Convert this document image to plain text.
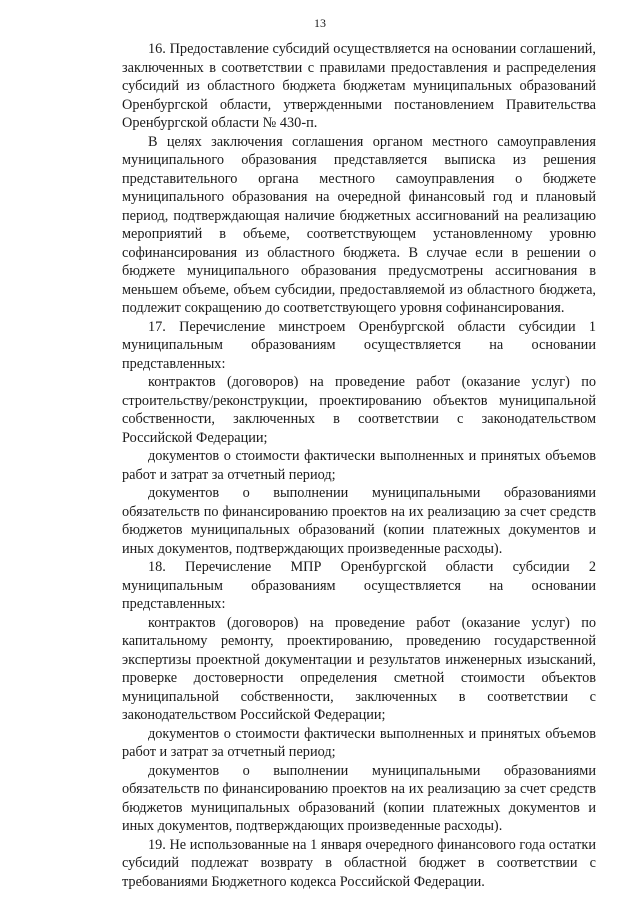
13

16. Предоставление субсидий осуществляется на основании соглашений, заключенных в соответствии с правилами предоставления и распределения субсидий из областного бюджета бюджетам муниципальных образований Оренбургской области, утвержденными постановлением Правительства Оренбургской области № 430-п.

В целях заключения соглашения органом местного самоуправления муниципального образования представляется выписка из решения представительного органа местного самоуправления о бюджете муниципального образования на очередной финансовый год и плановый период, подтверждающая наличие бюджетных ассигнований на реализацию мероприятий в объеме, соответствующем установленному уровню софинансирования из областного бюджета. В случае если в решении о бюджете муниципального образования предусмотрены ассигнования в меньшем объеме, объем субсидии, предоставляемой из областного бюджета, подлежит сокращению до соответствующего уровня софинансирования.

17. Перечисление минстроем Оренбургской области субсидии 1 муниципальным образованиям осуществляется на основании представленных:

контрактов (договоров) на проведение работ (оказание услуг) по строительству/реконструкции, проектированию объектов муниципальной собственности, заключенных в соответствии с законодательством Российской Федерации;

документов о стоимости фактически выполненных и принятых объемов работ и затрат за отчетный период;

документов о выполнении муниципальными образованиями обязательств по финансированию проектов на их реализацию за счет средств бюджетов муниципальных образований (копии платежных документов и иных документов, подтверждающих произведенные расходы).

18. Перечисление МПР Оренбургской области субсидии 2 муниципальным образованиям осуществляется на основании представленных:

контрактов (договоров) на проведение работ (оказание услуг) по капитальному ремонту, проектированию, проведению государственной экспертизы проектной документации и результатов инженерных изысканий, проверке достоверности определения сметной стоимости объектов муниципальной собственности, заключенных в соответствии с законодательством Российской Федерации;

документов о стоимости фактически выполненных и принятых объемов работ и затрат за отчетный период;

документов о выполнении муниципальными образованиями обязательств по финансированию проектов на их реализацию за счет средств бюджетов муниципальных образований (копии платежных документов и иных документов, подтверждающих произведенные расходы).

19. Не использованные на 1 января очередного финансового года остатки субсидий подлежат возврату в областной бюджет в соответствии с требованиями Бюджетного кодекса Российской Федерации.
